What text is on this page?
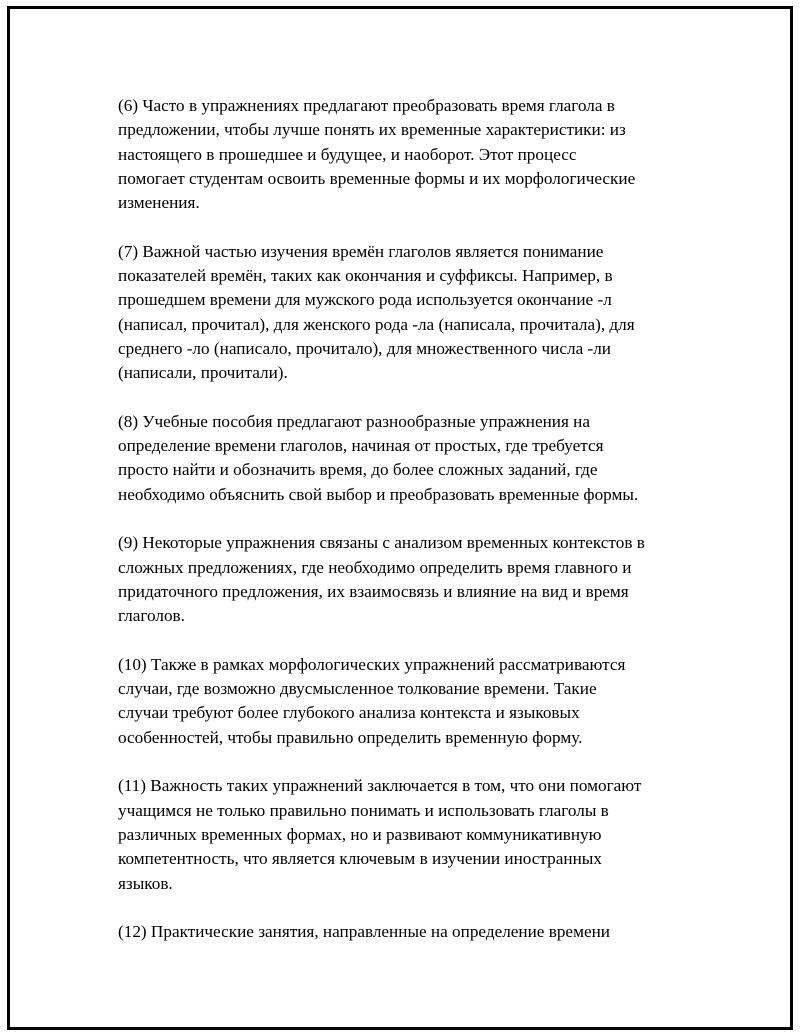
(6) Часто в упражнениях предлагают преобразовать время глагола в
предложении, чтобы лучше понять их временные характеристики: из
настоящего в прошедшее и будущее, и наоборот. Этот процесс
помогает студентам освоить временные формы и их морфологические
изменения.

(7) Важной частью изучения времён глаголов является понимание
показателей времён, таких как окончания и суффиксы. Например, в
прошедшем времени для мужского рода используется окончание -л
(написал, прочитал), для женского рода -ла (написала, прочитала), для
среднего -ло (написало, прочитало), для множественного числа -ли
(написали, прочитали).

(8) Учебные пособия предлагают разнообразные упражнения на
определение времени глаголов, начиная от простых, где требуется
просто найти и обозначить время, до более сложных заданий, где
необходимо объяснить свой выбор и преобразовать временные формы.

(9) Некоторые упражнения связаны с анализом временных контекстов в
сложных предложениях, где необходимо определить время главного и
придаточного предложения, их взаимосвязь и влияние на вид и время
глаголов.

(10) Также в рамках морфологических упражнений рассматриваются
случаи, где возможно двусмысленное толкование времени. Такие
случаи требуют более глубокого анализа контекста и языковых
особенностей, чтобы правильно определить временную форму.

(11) Важность таких упражнений заключается в том, что они помогают
учащимся не только правильно понимать и использовать глаголы в
различных временных формах, но и развивают коммуникативную
компетентность, что является ключевым в изучении иностранных
языков.

(12) Практические занятия, направленные на определение времени
